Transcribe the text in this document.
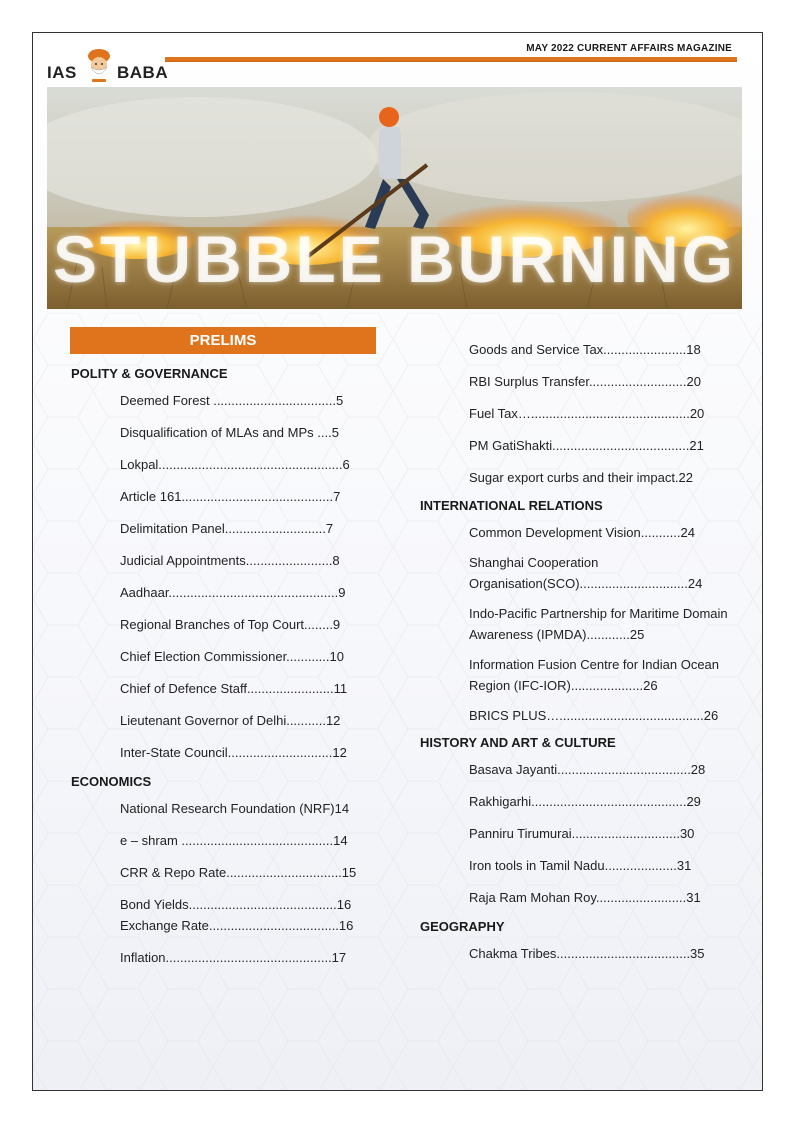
IAS BABA
MAY 2022 CURRENT AFFAIRS MAGAZINE
STUBBLE BURNING
PRELIMS
POLITY & GOVERNANCE
Deemed Forest ..................................5
Disqualification of MLAs and MPs ....5
Lokpal...................................................6
Article 161..........................................7
Delimitation Panel............................7
Judicial Appointments........................8
Aadhaar...............................................9
Regional Branches of Top Court........9
Chief Election Commissioner............10
Chief of Defence Staff........................11
Lieutenant Governor of Delhi...........12
Inter-State Council.............................12
ECONOMICS
National Research Foundation (NRF)14
e – shram ..........................................14
CRR & Repo Rate................................15
Bond Yields.........................................16
Exchange Rate....................................16
Inflation..............................................17
Goods and Service Tax.......................18
RBI Surplus Transfer...........................20
Fuel Tax…............................................20
PM GatiShakti......................................21
Sugar export curbs and their impact.22
INTERNATIONAL RELATIONS
Common Development Vision...........24
Shanghai Cooperation Organisation(SCO)..............................24
Indo-Pacific Partnership for Maritime Domain Awareness (IPMDA)............25
Information Fusion Centre for Indian Ocean Region (IFC-IOR)....................26
BRICS PLUS…........................................26
HISTORY AND ART & CULTURE
Basava Jayanti.....................................28
Rakhigarhi...........................................29
Panniru Tirumurai..............................30
Iron tools in Tamil Nadu....................31
Raja Ram Mohan Roy.........................31
GEOGRAPHY
Chakma Tribes.....................................35
